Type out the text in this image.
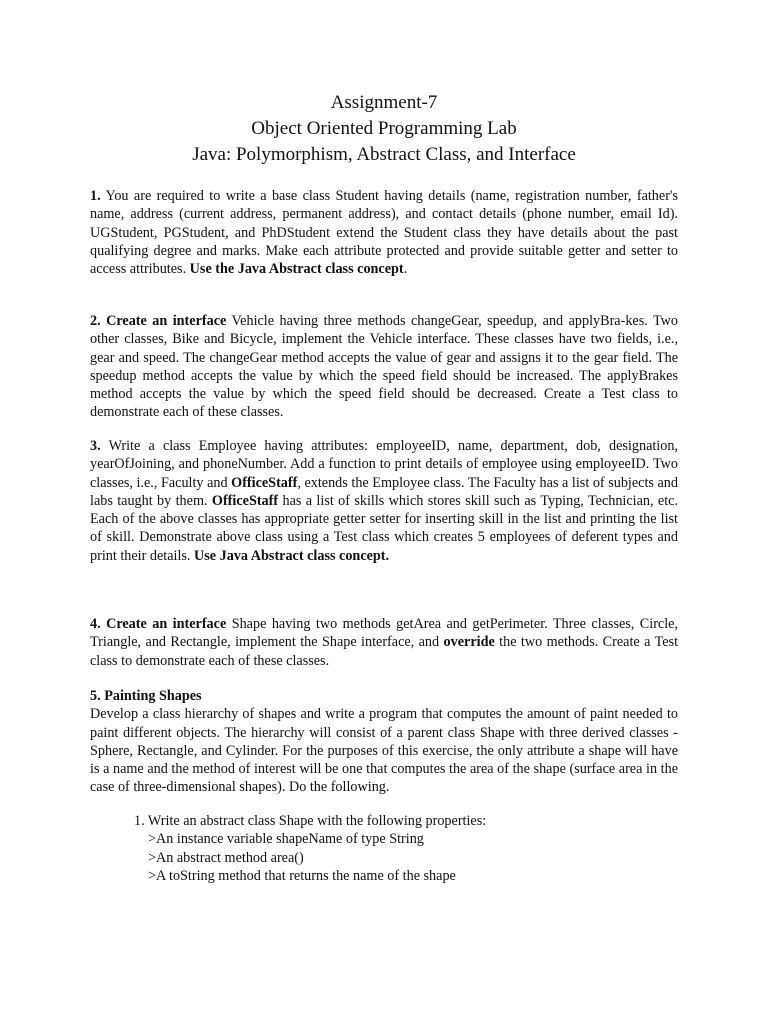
Assignment-7
Object Oriented Programming Lab
Java: Polymorphism, Abstract Class, and Interface

1. You are required to write a base class Student having details (name, registration number, father's name, address (current address, permanent address), and contact details (phone number, email Id). UGStudent, PGStudent, and PhDStudent extend the Student class they have details about the past qualifying degree and marks. Make each attribute protected and provide suitable getter and setter to access attributes. Use the Java Abstract class concept.

2. Create an interface Vehicle having three methods changeGear, speedup, and applyBra-kes. Two other classes, Bike and Bicycle, implement the Vehicle interface. These classes have two fields, i.e., gear and speed. The changeGear method accepts the value of gear and assigns it to the gear field. The speedup method accepts the value by which the speed field should be increased. The applyBrakes method accepts the value by which the speed field should be decreased. Create a Test class to demonstrate each of these classes.

3. Write a class Employee having attributes: employeeID, name, department, dob, designation, yearOfJoining, and phoneNumber. Add a function to print details of employee using employeeID. Two classes, i.e., Faculty and OfficeStaff, extends the Employee class. The Faculty has a list of subjects and labs taught by them. OfficeStaff has a list of skills which stores skill such as Typing, Technician, etc. Each of the above classes has appropriate getter setter for inserting skill in the list and printing the list of skill. Demonstrate above class using a Test class which creates 5 employees of deferent types and print their details. Use Java Abstract class concept.

4. Create an interface Shape having two methods getArea and getPerimeter. Three classes, Circle, Triangle, and Rectangle, implement the Shape interface, and override the two methods. Create a Test class to demonstrate each of these classes.

5. Painting Shapes

Develop a class hierarchy of shapes and write a program that computes the amount of paint needed to paint different objects. The hierarchy will consist of a parent class Shape with three derived classes - Sphere, Rectangle, and Cylinder. For the purposes of this exercise, the only attribute a shape will have is a name and the method of interest will be one that computes the area of the shape (surface area in the case of three-dimensional shapes). Do the following.

1. Write an abstract class Shape with the following properties:
>An instance variable shapeName of type String
>An abstract method area()
>A toString method that returns the name of the shape
